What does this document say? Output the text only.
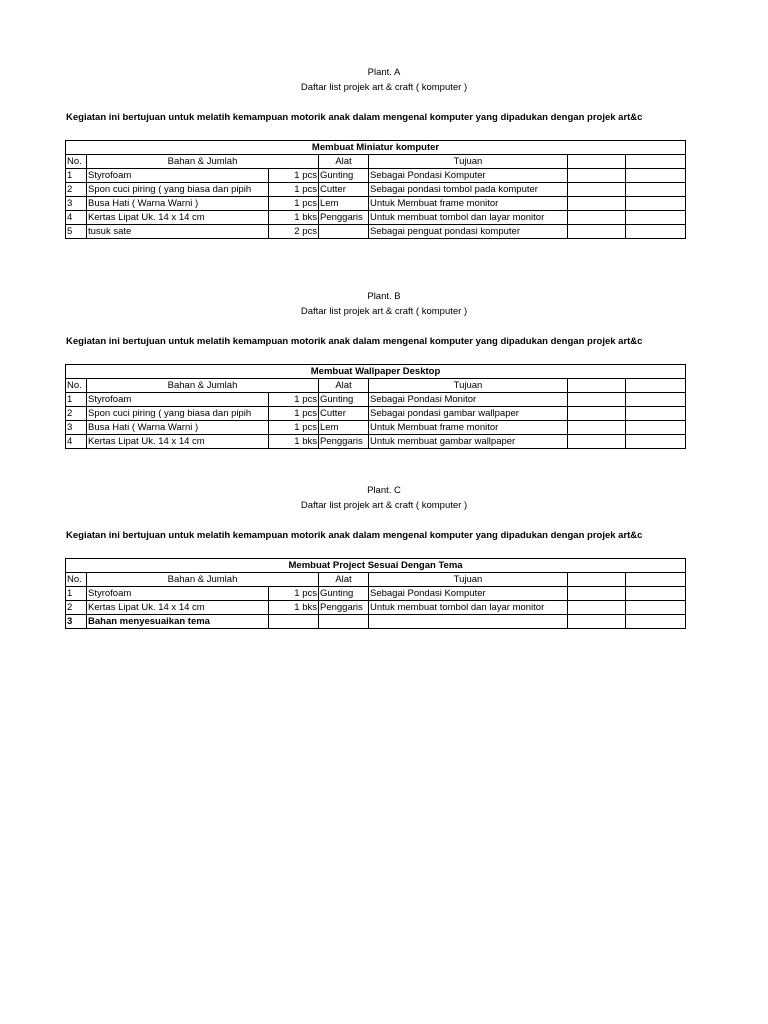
Plant. A
Daftar list projek art & craft ( komputer )
Kegiatan ini bertujuan untuk melatih kemampuan motorik anak dalam mengenal komputer yang dipadukan dengan projek art&c
Membuat Miniatur komputer						
No.	Bahan & Jumlah		Alat	Tujuan		
1	Styrofoam	1 pcs	Gunting	Sebagai Pondasi Komputer		
2	Spon cuci piring ( yang biasa dan pipih	1 pcs	Cutter	Sebagai pondasi tombol pada komputer		
3	Busa Hati ( Warna Warni )	1 pcs	Lem	Untuk Membuat frame monitor		
4	Kertas Lipat Uk. 14 x 14 cm	1 bks	Penggaris	Untuk membuat tombol dan layar monitor		
5	tusuk sate	2 pcs		Sebagai penguat pondasi komputer		
Plant. B
Daftar list projek art & craft ( komputer )
Kegiatan ini bertujuan untuk melatih kemampuan motorik anak dalam mengenal komputer yang dipadukan dengan projek art&c
Membuat Wallpaper Desktop						
No.	Bahan & Jumlah		Alat	Tujuan		
1	Styrofoam	1 pcs	Gunting	Sebagai Pondasi Monitor		
2	Spon cuci piring ( yang biasa dan pipih	1 pcs	Cutter	Sebagai pondasi gambar wallpaper		
3	Busa Hati ( Warna Warni )	1 pcs	Lem	Untuk Membuat frame monitor		
4	Kertas Lipat Uk. 14 x 14 cm	1 bks	Penggaris	Untuk membuat gambar wallpaper		
Plant. C
Daftar list projek art & craft ( komputer )
Kegiatan ini bertujuan untuk melatih kemampuan motorik anak dalam mengenal komputer yang dipadukan dengan projek art&c
Membuat Project Sesuai Dengan Tema						
No.	Bahan & Jumlah		Alat	Tujuan		
1	Styrofoam	1 pcs	Gunting	Sebagai Pondasi Komputer		
2	Kertas Lipat Uk. 14 x 14 cm	1 bks	Penggaris	Untuk membuat tombol dan layar monitor		
3	Bahan menyesuaikan tema					
